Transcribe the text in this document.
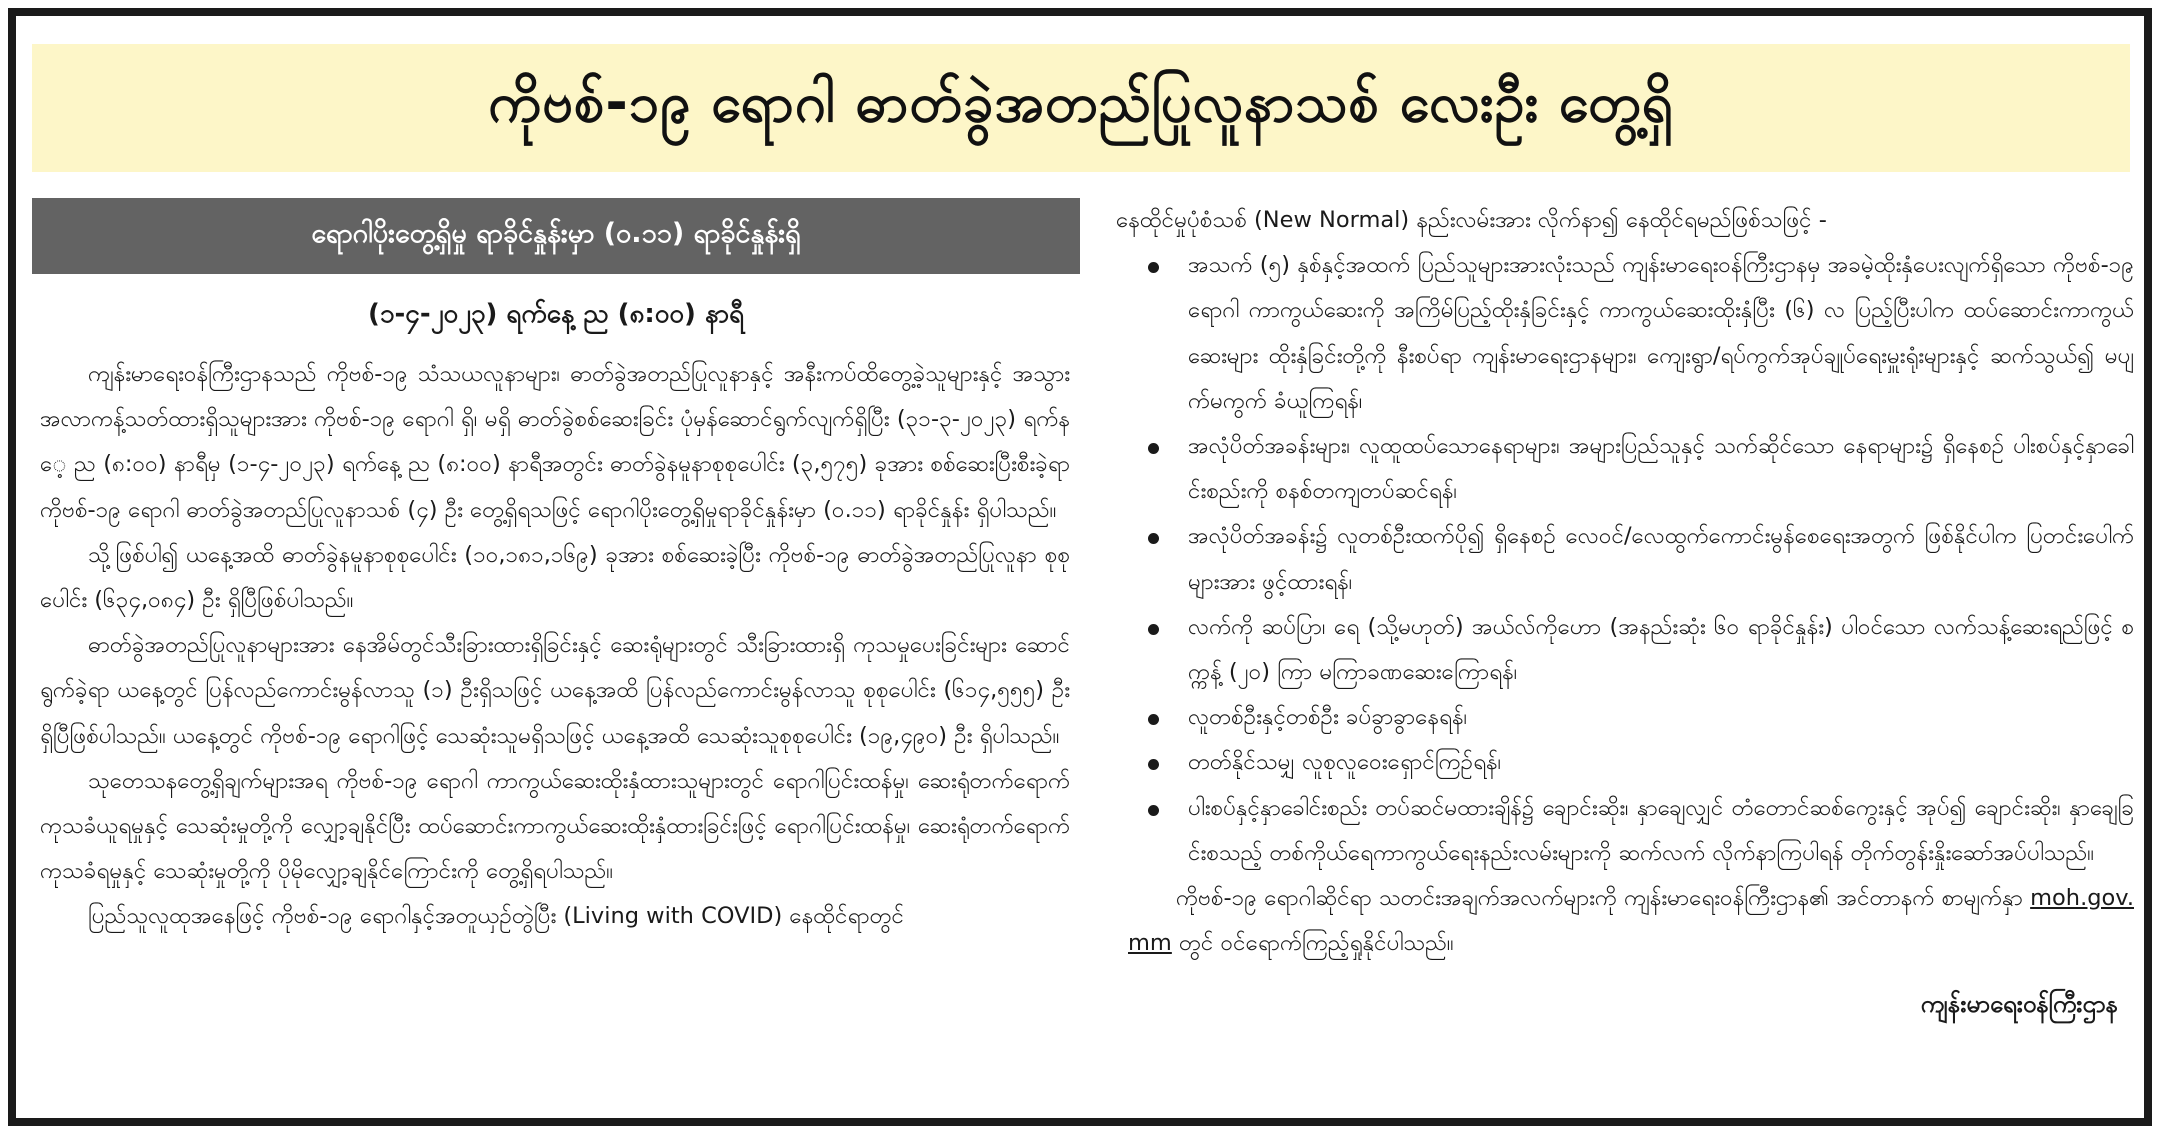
ကိုဗစ်-၁၉ ရောဂါ ဓာတ်ခွဲအတည်ပြုလူနာသစ် လေးဦး တွေ့ရှိ
ရောဂါပိုးတွေ့ရှိမှု ရာခိုင်နှုန်းမှာ (၀.၁၁) ရာခိုင်နှုန်းရှိ
(၁-၄-၂၀၂၃) ရက်နေ့ ည (၈:၀၀) နာရီ

ကျန်းမာရေးဝန်ကြီးဌာနသည် ကိုဗစ်-၁၉ သံသယလူနာများ၊ ဓာတ်ခွဲအတည်ပြုလူနာနှင့် အနီးကပ်ထိတွေ့ခဲ့သူများနှင့် အသွားအလာကန့်သတ်ထားရှိသူများအား ကိုဗစ်-၁၉ ရောဂါ ရှိ၊ မရှိ ဓာတ်ခွဲစစ်ဆေးခြင်း ပုံမှန်ဆောင်ရွက်လျက်ရှိပြီး (၃၁-၃-၂၀၂၃) ရက်နေ့ ည (၈:၀၀) နာရီမှ (၁-၄-၂၀၂၃) ရက်နေ့ ည (၈:၀၀) နာရီအတွင်း ဓာတ်ခွဲနမူနာစုစုပေါင်း (၃,၅၇၅) ခုအား စစ်ဆေးပြီးစီးခဲ့ရာ ကိုဗစ်-၁၉ ရောဂါ ဓာတ်ခွဲအတည်ပြုလူနာသစ် (၄) ဦး တွေ့ရှိရသဖြင့် ရောဂါပိုးတွေ့ရှိမှုရာခိုင်နှုန်းမှာ (၀.၁၁) ရာခိုင်နှုန်း ရှိပါသည်။

သို့ဖြစ်ပါ၍ ယနေ့အထိ ဓာတ်ခွဲနမူနာစုစုပေါင်း (၁၀,၁၈၁,၁၆၉) ခုအား စစ်ဆေးခဲ့ပြီး ကိုဗစ်-၁၉ ဓာတ်ခွဲအတည်ပြုလူနာ စုစုပေါင်း (၆၃၄,၀၈၄) ဦး ရှိပြီဖြစ်ပါသည်။

ဓာတ်ခွဲအတည်ပြုလူနာများအား နေအိမ်တွင်သီးခြားထားရှိခြင်းနှင့် ဆေးရုံများတွင် သီးခြားထားရှိ ကုသမှုပေးခြင်းများ ဆောင်ရွက်ခဲ့ရာ ယနေ့တွင် ပြန်လည်ကောင်းမွန်လာသူ (၁) ဦးရှိသဖြင့် ယနေ့အထိ ပြန်လည်ကောင်းမွန်လာသူ စုစုပေါင်း (၆၁၄,၅၅၅) ဦး ရှိပြီဖြစ်ပါသည်။ ယနေ့တွင် ကိုဗစ်-၁၉ ရောဂါဖြင့် သေဆုံးသူမရှိသဖြင့် ယနေ့အထိ သေဆုံးသူစုစုပေါင်း (၁၉,၄၉၀) ဦး ရှိပါသည်။

သုတေသနတွေ့ရှိချက်များအရ ကိုဗစ်-၁၉ ရောဂါ ကာကွယ်ဆေးထိုးနှံထားသူများတွင် ရောဂါပြင်းထန်မှု၊ ဆေးရုံတက်ရောက်ကုသခံယူရမှုနှင့် သေဆုံးမှုတို့ကို လျှော့ချနိုင်ပြီး ထပ်ဆောင်းကာကွယ်ဆေးထိုးနှံထားခြင်းဖြင့် ရောဂါပြင်းထန်မှု၊ ဆေးရုံတက်ရောက်ကုသခံရမှုနှင့် သေဆုံးမှုတို့ကို ပိုမိုလျှော့ချနိုင်ကြောင်းကို တွေ့ရှိရပါသည်။

ပြည်သူလူထုအနေဖြင့် ကိုဗစ်-၁၉ ရောဂါနှင့်အတူယှဉ်တွဲပြီး (Living with COVID) နေထိုင်ရာတွင်

နေထိုင်မှုပုံစံသစ် (New Normal) နည်းလမ်းအား လိုက်နာ၍ နေထိုင်ရမည်ဖြစ်သဖြင့် -

အသက် (၅) နှစ်နှင့်အထက် ပြည်သူများအားလုံးသည် ကျန်းမာရေးဝန်ကြီးဌာနမှ အခမဲ့ထိုးနှံပေးလျက်ရှိသော ကိုဗစ်-၁၉ ရောဂါ ကာကွယ်ဆေးကို အကြိမ်ပြည့်ထိုးနှံခြင်းနှင့် ကာကွယ်ဆေးထိုးနှံပြီး (၆) လ ပြည့်ပြီးပါက ထပ်ဆောင်းကာကွယ်ဆေးများ ထိုးနှံခြင်းတို့ကို နီးစပ်ရာ ကျန်းမာရေးဌာနများ၊ ကျေးရွာ/ရပ်ကွက်အုပ်ချုပ်ရေးမှူးရုံးများနှင့် ဆက်သွယ်၍ မပျက်မကွက် ခံယူကြရန်၊
အလုံပိတ်အခန်းများ၊ လူထူထပ်သောနေရာများ၊ အများပြည်သူနှင့် သက်ဆိုင်သော နေရာများ၌ ရှိနေစဉ် ပါးစပ်နှင့်နှာခေါင်းစည်းကို စနစ်တကျတပ်ဆင်ရန်၊
အလုံပိတ်အခန်း၌ လူတစ်ဦးထက်ပို၍ ရှိနေစဉ် လေဝင်/လေထွက်ကောင်းမွန်စေရေးအတွက် ဖြစ်နိုင်ပါက ပြတင်းပေါက်များအား ဖွင့်ထားရန်၊
လက်ကို ဆပ်ပြာ၊ ရေ (သို့မဟုတ်) အယ်လ်ကိုဟော (အနည်းဆုံး ၆၀ ရာခိုင်နှုန်း) ပါဝင်သော လက်သန့်ဆေးရည်ဖြင့် စက္ကန့် (၂၀) ကြာ မကြာခဏဆေးကြောရန်၊
လူတစ်ဦးနှင့်တစ်ဦး ခပ်ခွာခွာနေရန်၊
တတ်နိုင်သမျှ လူစုလူဝေးရှောင်ကြဉ်ရန်၊
ပါးစပ်နှင့်နှာခေါင်းစည်း တပ်ဆင်မထားချိန်၌ ချောင်းဆိုး၊ နှာချေလျှင် တံတောင်ဆစ်ကွေးနှင့် အုပ်၍ ချောင်းဆိုး၊ နှာချေခြင်းစသည့် တစ်ကိုယ်ရေကာကွယ်ရေးနည်းလမ်းများကို ဆက်လက် လိုက်နာကြပါရန် တိုက်တွန်းနှိုးဆော်အပ်ပါသည်။

ကိုဗစ်-၁၉ ရောဂါဆိုင်ရာ သတင်းအချက်အလက်များကို ကျန်းမာရေးဝန်ကြီးဌာန၏ အင်တာနက် စာမျက်နှာ moh.gov.mm တွင် ဝင်ရောက်ကြည့်ရှုနိုင်ပါသည်။

ကျန်းမာရေးဝန်ကြီးဌာန
